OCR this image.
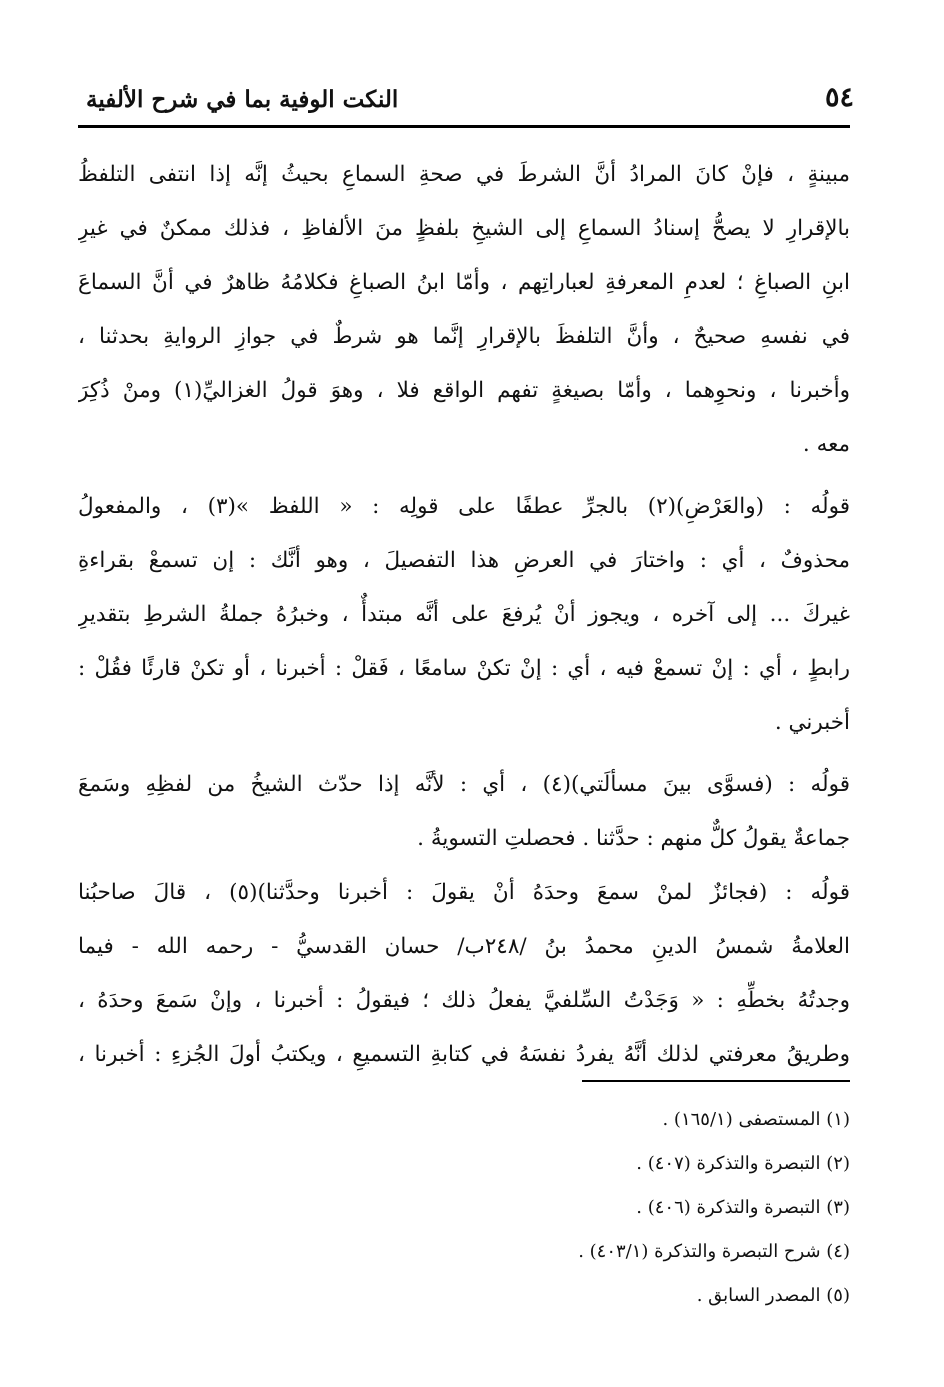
٥٤
النكت الوفية بما في شرح الألفية
مبينةٍ ، فإنْ كانَ المرادُ أنَّ الشرطَ في صحةِ السماعِ بحيثُ إنَّه إذا انتفى التلفظُ
بالإقرارِ لا يصحُّ إسنادُ السماعِ إلى الشيخِ بلفظٍ منَ الألفاظِ ، فذلك ممكنٌ في غيرِ
ابنِ الصباغِ ؛ لعدمِ المعرفةِ لعباراتِهم ، وأمّا ابنُ الصباغِ فكلامُهُ ظاهرٌ في أنَّ السماعَ
في نفسهِ صحيحٌ ، وأنَّ التلفظَ بالإقرارِ إنَّما هو شرطٌ في جوازِ الروايةِ بحدثنا ،
وأخبرنا ، ونحوِهما ، وأمّا بصيغةٍ تفهم الواقع فلا ، وهوَ قولُ الغزاليِّ(١) ومنْ ذُكِرَ
معه .
قولُه : (والعَرْضِ)(٢) بالجرِّ عطفًا على قولِه : « اللفظ »(٣) ، والمفعولُ
محذوفٌ ، أي : واختارَ في العرضِ هذا التفصيلَ ، وهو أنَّك : إن تسمعْ بقراءةِ
غيركَ ... إلى آخره ، ويجوز أنْ يُرفعَ على أنَّه مبتدأٌ ، وخبرُهُ جملةُ الشرطِ بتقديرِ
رابطٍ ، أي : إنْ تسمعْ فيه ، أي : إنْ تكنْ سامعًا ، فَقلْ : أخبرنا ، أو تكنْ قارئًا فقُلْ :
أخبرني .
قولُه : (فسوَّى بينَ مسألَتي)(٤) ، أي : لأنَّه إذا حدّث الشيخُ من لفظِهِ وسَمعَ
جماعةٌ يقولُ كلٌّ منهم : حدَّثنا . فحصلتِ التسويةُ .
قولُه : (فجائزٌ لمنْ سمعَ وحدَهُ أنْ يقولَ : أخبرنا وحدَّثنا)(٥) ، قالَ صاحبُنا
العلامةُ شمسُ الدينِ محمدُ بنُ /٢٤٨ب/ حسان القدسيُّ - رحمه الله - فيما
وجدتُهُ بخطِّهِ : « وَجَدْتُ السِّلفيَّ يفعلُ ذلك ؛ فيقولُ : أخبرنا ، وإنْ سَمعَ وحدَهُ ،
وطريقُ معرفتي لذلك أنَّهُ يفردُ نفسَهُ في كتابةِ التسميعِ ، ويكتبُ أولَ الجُزءِ : أخبرنا ،
(١) المستصفى (١٦٥/١) .
(٢) التبصرة والتذكرة (٤٠٧) .
(٣) التبصرة والتذكرة (٤٠٦) .
(٤) شرح التبصرة والتذكرة (٤٠٣/١) .
(٥) المصدر السابق .
